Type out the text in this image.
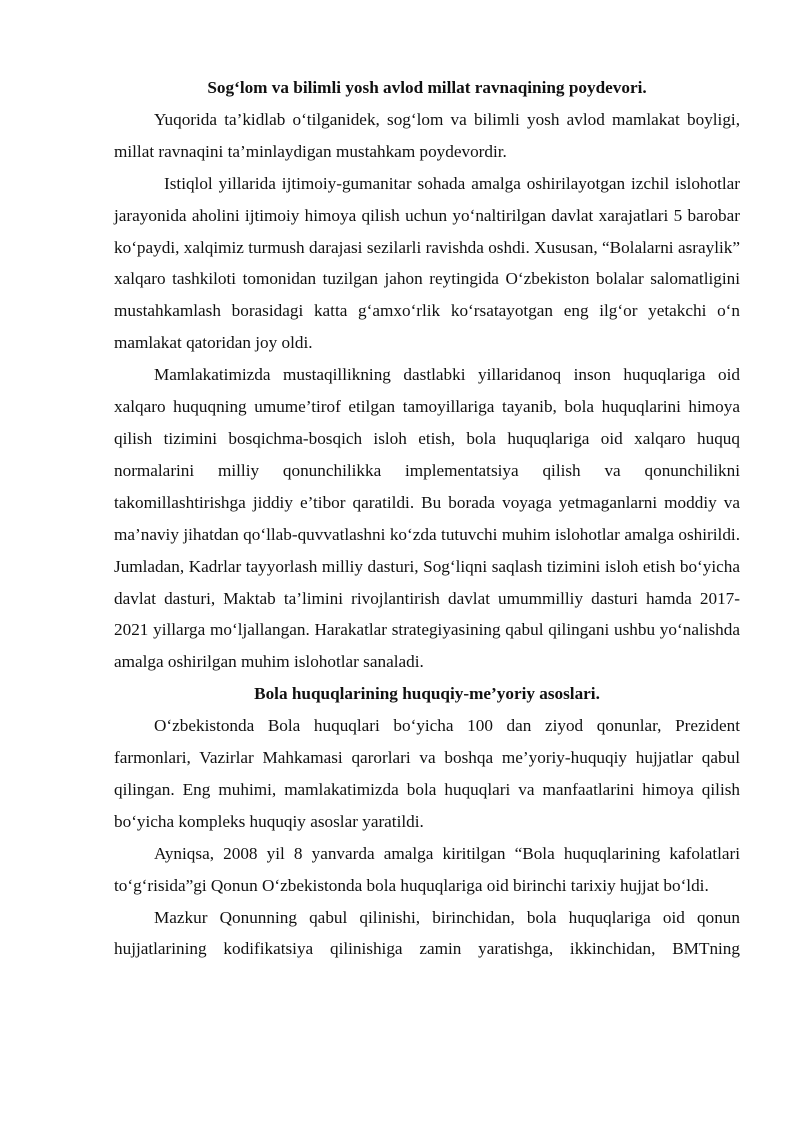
Sog‘lom va bilimli yosh avlod millat ravnaqining poydevori.

Yuqorida ta’kidlab o‘tilganidek, sog‘lom va bilimli yosh avlod mamlakat boyligi, millat ravnaqini ta’minlaydigan mustahkam poydevordir.

Istiqlol yillarida ijtimoiy-gumanitar sohada amalga oshirilayotgan izchil islohotlar jarayonida aholini ijtimoiy himoya qilish uchun yo‘naltirilgan davlat xarajatlari 5 barobar ko‘paydi, xalqimiz turmush darajasi sezilarli ravishda oshdi. Xususan, “Bolalarni asraylik” xalqaro tashkiloti tomonidan tuzilgan jahon reytingida O‘zbekiston bolalar salomatligini mustahkamlash borasidagi katta g‘amxo‘rlik ko‘rsatayotgan eng ilg‘or yetakchi o‘n mamlakat qatoridan joy oldi.

Mamlakatimizda mustaqillikning dastlabki yillaridanoq inson huquqlariga oid xalqaro huquqning umume’tirof etilgan tamoyillariga tayanib, bola huquqlarini himoya qilish tizimini bosqichma-bosqich isloh etish, bola huquqlariga oid xalqaro huquq normalarini milliy qonunchilikka implementatsiya qilish va qonunchilikni takomillashtirishga jiddiy e’tibor qaratildi. Bu borada voyaga yetmaganlarni moddiy va ma’naviy jihatdan qo‘llab-quvvatlashni ko‘zda tutuvchi muhim islohotlar amalga oshirildi. Jumladan, Kadrlar tayyorlash milliy dasturi, Sog‘liqni saqlash tizimini isloh etish bo‘yicha davlat dasturi, Maktab ta’limini rivojlantirish davlat umummilliy dasturi hamda 2017-2021 yillarga mo‘ljallangan. Harakatlar strategiyasining qabul qilingani ushbu yo‘nalishda amalga oshirilgan muhim islohotlar sanaladi.

Bola huquqlarining huquqiy-me’yoriy asoslari.

O‘zbekistonda Bola huquqlari bo‘yicha 100 dan ziyod qonunlar, Prezident farmonlari, Vazirlar Mahkamasi qarorlari va boshqa me’yoriy-huquqiy hujjatlar qabul qilingan. Eng muhimi, mamlakatimizda bola huquqlari va manfaatlarini himoya qilish bo‘yicha kompleks huquqiy asoslar yaratildi.

Ayniqsa, 2008 yil 8 yanvarda amalga kiritilgan “Bola huquqlarining kafolatlari to‘g‘risida”gi Qonun O‘zbekistonda bola huquqlariga oid birinchi tarixiy hujjat bo‘ldi.

Mazkur Qonunning qabul qilinishi, birinchidan, bola huquqlariga oid qonun hujjatlarining kodifikatsiya qilinishiga zamin yaratishga, ikkinchidan, BMTning
